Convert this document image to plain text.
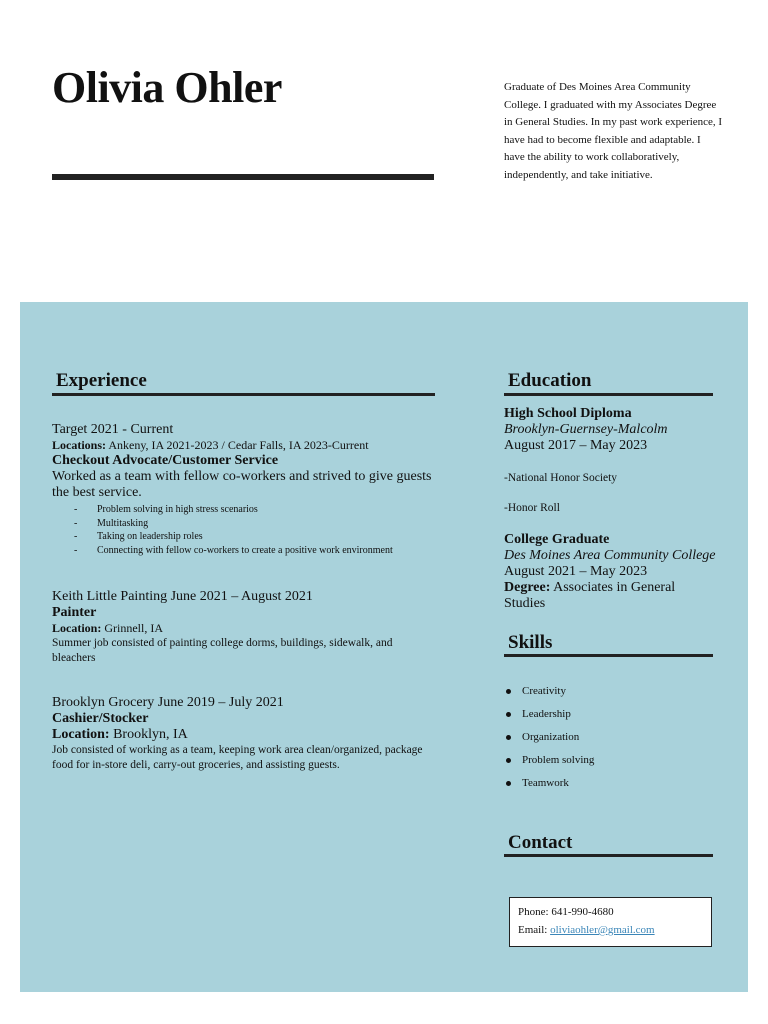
Olivia Ohler	Graduate of Des Moines Area Community College. I graduated with my Associates Degree in General Studies. In my past work experience, I have had to become flexible and adaptable. I have the ability to work collaboratively, independently, and take initiative.

Experience
Target 2021 - Current
Locations: Ankeny, IA 2021-2023 / Cedar Falls, IA 2023-Current
Checkout Advocate/Customer Service
Worked as a team with fellow co-workers and strived to give guests the best service.
- Problem solving in high stress scenarios
- Multitasking
- Taking on leadership roles
- Connecting with fellow co-workers to create a positive work environment
Keith Little Painting June 2021 – August 2021
Painter
Location: Grinnell, IA
Summer job consisted of painting college dorms, buildings, sidewalk, and bleachers
Brooklyn Grocery June 2019 – July 2021
Cashier/Stocker
Location: Brooklyn, IA
Job consisted of working as a team, keeping work area clean/organized, package food for in-store deli, carry-out groceries, and assisting guests.
Education
High School Diploma
Brooklyn-Guernsey-Malcolm
August 2017 – May 2023
-National Honor Society
-Honor Roll
College Graduate
Des Moines Area Community College
August 2021 – May 2023
Degree: Associates in General Studies
Skills
Creativity
Leadership
Organization
Problem solving
Teamwork
Contact
Phone: 641-990-4680
Email: oliviaohler@gmail.com
